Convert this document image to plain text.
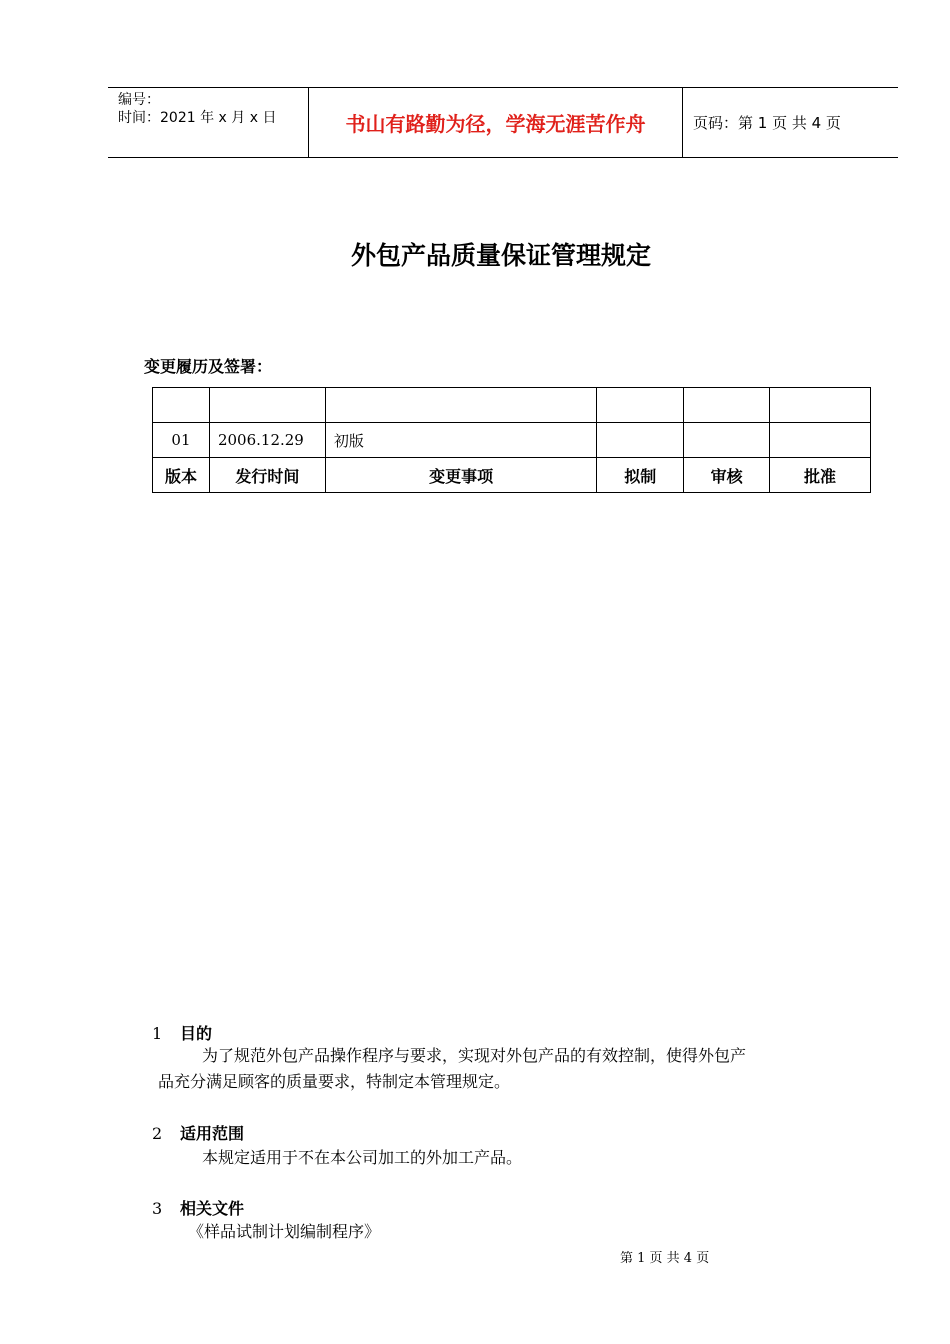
编号：
时间：2021 年 x 月 x 日	书山有路勤为径，学海无涯苦作舟	页码：第 1 页 共 4 页
外包产品质量保证管理规定
变更履历及签署：

01	2006.12.29	初版			
版本	发行时间	变更事项	拟制	审核	批准
1 目的
为了规范外包产品操作程序与要求，实现对外包产品的有效控制，使得外包产
品充分满足顾客的质量要求，特制定本管理规定。
2 适用范围
本规定适用于不在本公司加工的外加工产品。
3 相关文件
《样品试制计划编制程序》
第 1 页 共 4 页
